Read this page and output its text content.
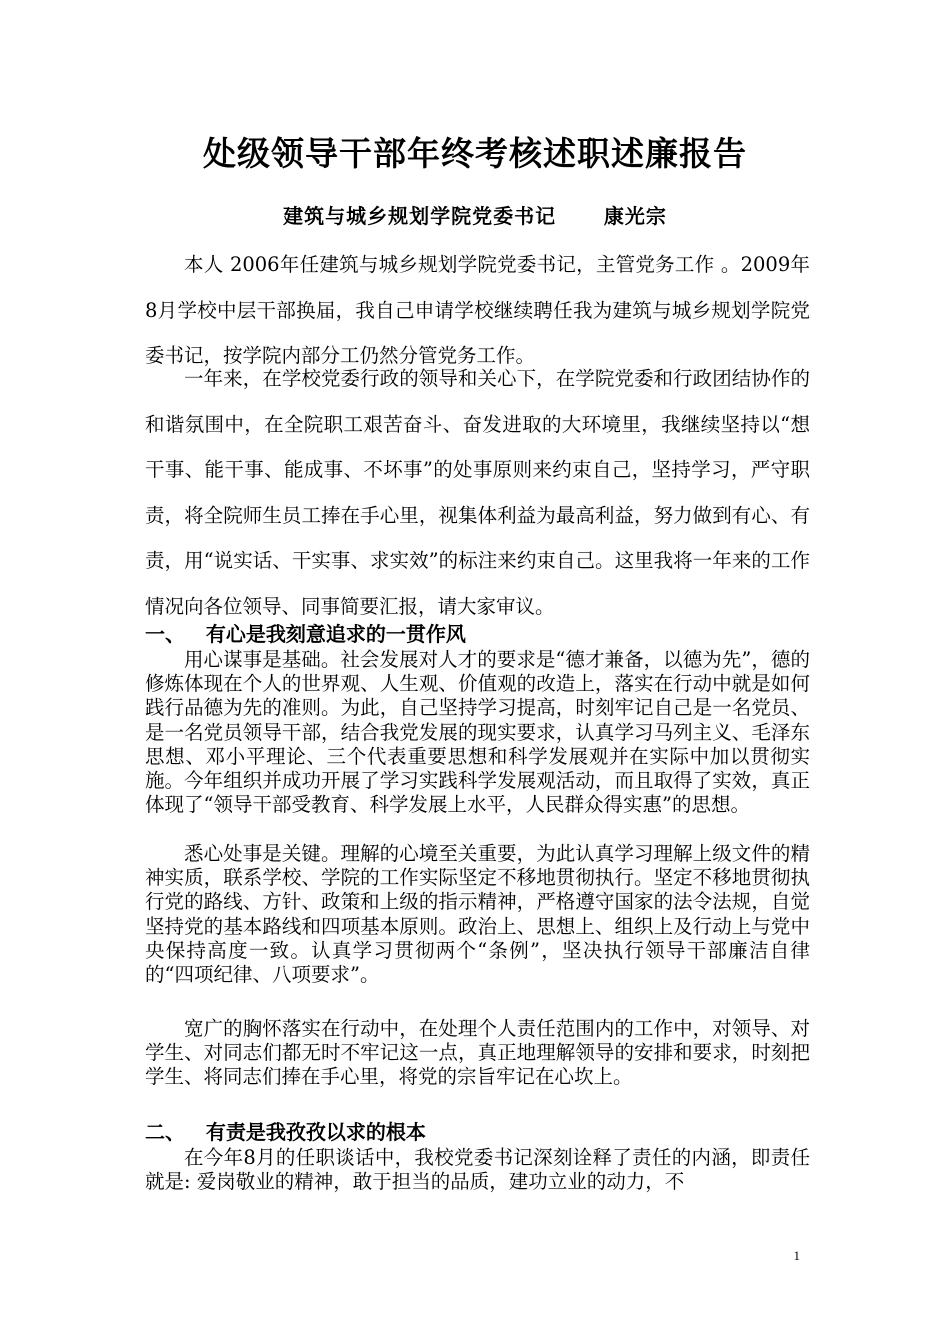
处级领导干部年终考核述职述廉报告
建筑与城乡规划学院党委书记      康光宗

本人 2006年任建筑与城乡规划学院党委书记，主管党务工作 。2009年8月学校中层干部换届，我自己申请学校继续聘任我为建筑与城乡规划学院党委书记，按学院内部分工仍然分管党务工作。

一年来，在学校党委行政的领导和关心下，在学院党委和行政团结协作的和谐氛围中，在全院职工艰苦奋斗、奋发进取的大环境里，我继续坚持以“想干事、能干事、能成事、不坏事”的处事原则来约束自己，坚持学习，严守职责，将全院师生员工捧在手心里，视集体利益为最高利益，努力做到有心、有责，用“说实话、干实事、求实效”的标注来约束自己。这里我将一年来的工作情况向各位领导、同事简要汇报，请大家审议。

一、   有心是我刻意追求的一贯作风

用心谋事是基础。社会发展对人才的要求是“德才兼备，以德为先”，德的修炼体现在个人的世界观、人生观、价值观的改造上，落实在行动中就是如何践行品德为先的准则。为此，自己坚持学习提高，时刻牢记自己是一名党员、是一名党员领导干部，结合我党发展的现实要求，认真学习马列主义、毛泽东思想、邓小平理论、三个代表重要思想和科学发展观并在实际中加以贯彻实施。今年组织并成功开展了学习实践科学发展观活动，而且取得了实效，真正体现了“领导干部受教育、科学发展上水平，人民群众得实惠”的思想。

悉心处事是关键。理解的心境至关重要，为此认真学习理解上级文件的精神实质，联系学校、学院的工作实际坚定不移地贯彻执行。坚定不移地贯彻执行党的路线、方针、政策和上级的指示精神，严格遵守国家的法令法规，自觉坚持党的基本路线和四项基本原则。政治上、思想上、组织上及行动上与党中央保持高度一致。认真学习贯彻两个“条例”，坚决执行领导干部廉洁自律的“四项纪律、八项要求”。

宽广的胸怀落实在行动中，在处理个人责任范围内的工作中，对领导、对学生、对同志们都无时不牢记这一点，真正地理解领导的安排和要求，时刻把学生、将同志们捧在手心里，将党的宗旨牢记在心坎上。

二、   有责是我孜孜以求的根本

在今年8月的任职谈话中，我校党委书记深刻诠释了责任的内涵，即责任就是: 爱岗敬业的精神，敢于担当的品质，建功立业的动力，不

1
